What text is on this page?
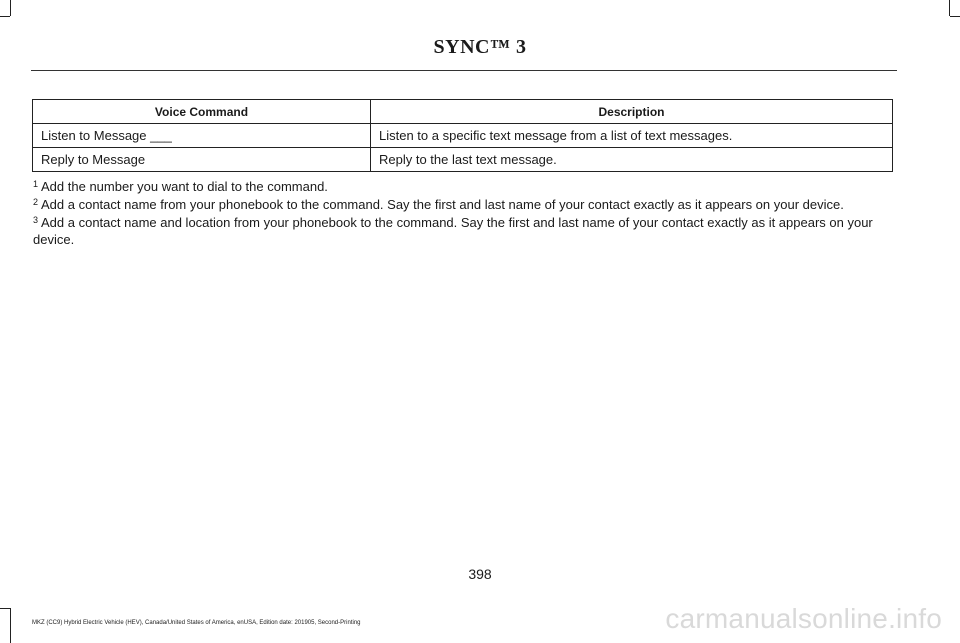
SYNC™ 3
Voice Command	Description
Listen to Message ___	Listen to a specific text message from a list of text messages.
Reply to Message	Reply to the last text message.

$^1$ Add the number you want to dial to the command.

$^2$ Add a contact name from your phonebook to the command. Say the first and last name of your contact exactly as it appears on your device.

$^3$ Add a contact name and location from your phonebook to the command. Say the first and last name of your contact exactly as it appears on your device.

398
MKZ (CC9) Hybrid Electric Vehicle (HEV), Canada/United States of America, enUSA, Edition date: 201905, Second-Printing	carmanualsonline.info
